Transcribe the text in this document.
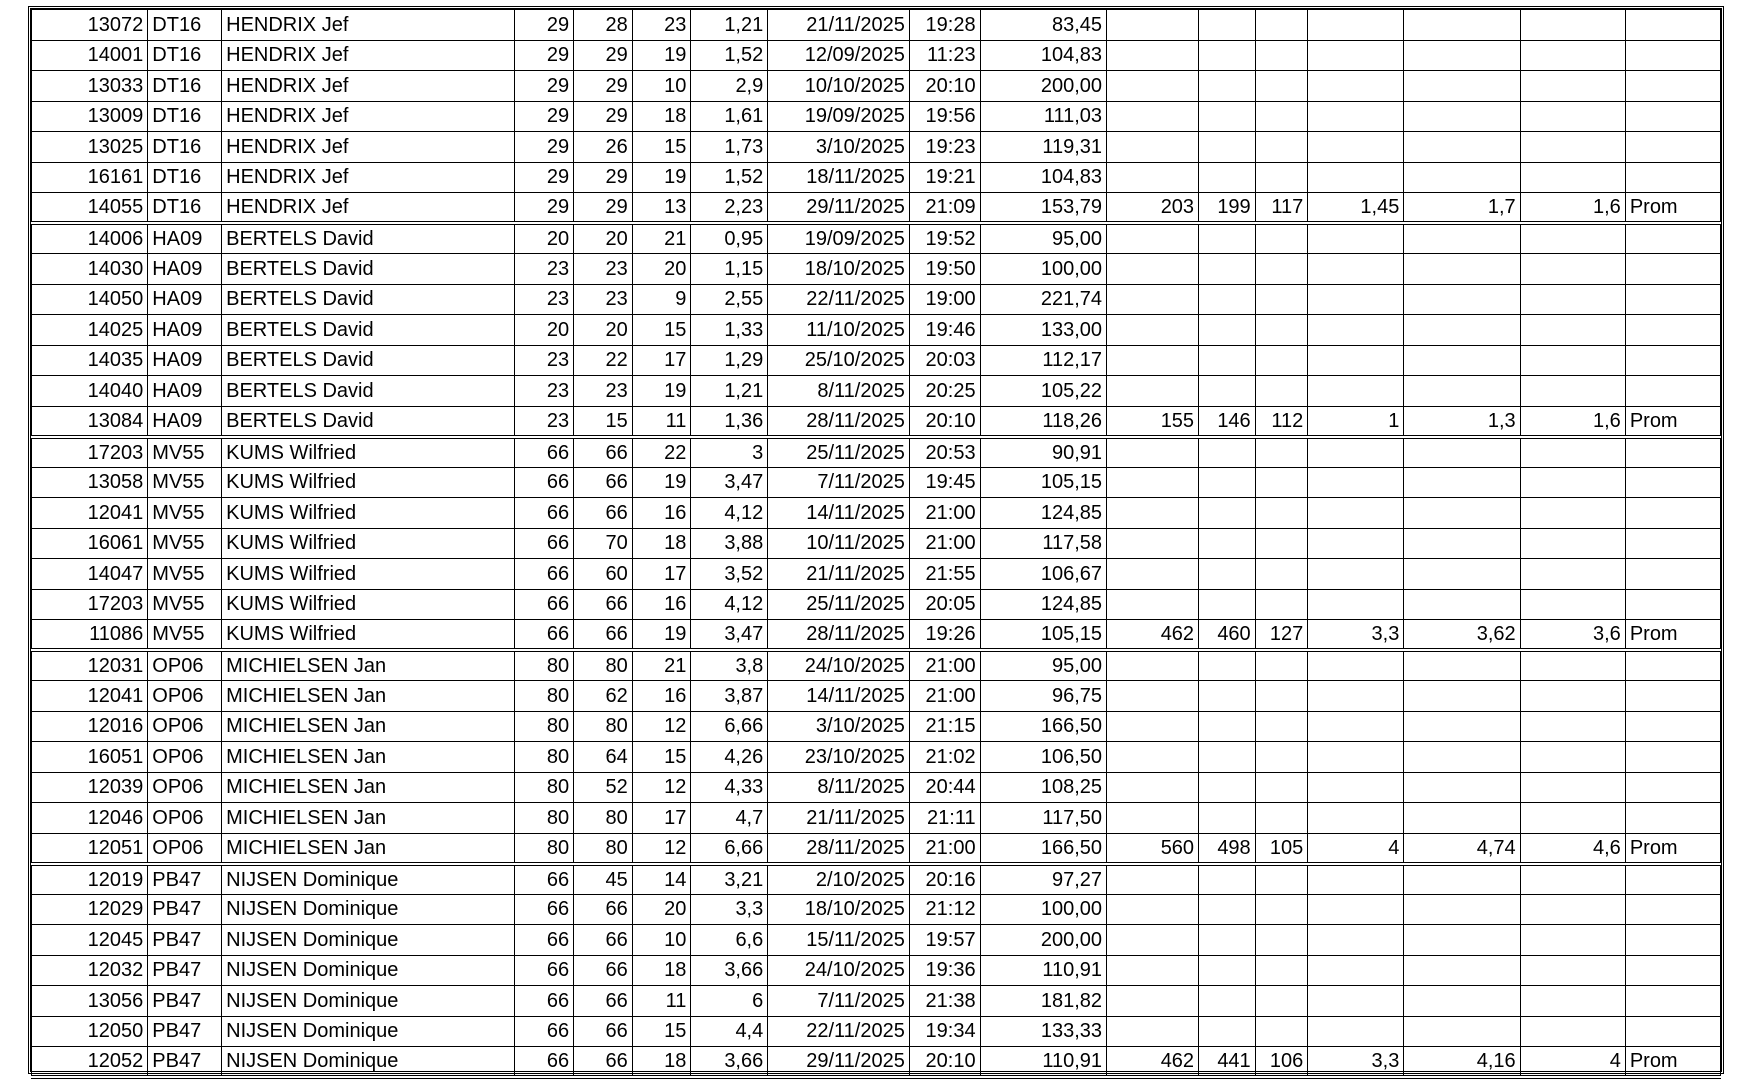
13072	DT16	HENDRIX Jef	29	28	23	1,21	21/11/2025	19:28	83,45							
14001	DT16	HENDRIX Jef	29	29	19	1,52	12/09/2025	11:23	104,83							
13033	DT16	HENDRIX Jef	29	29	10	2,9	10/10/2025	20:10	200,00							
13009	DT16	HENDRIX Jef	29	29	18	1,61	19/09/2025	19:56	111,03							
13025	DT16	HENDRIX Jef	29	26	15	1,73	3/10/2025	19:23	119,31							
16161	DT16	HENDRIX Jef	29	29	19	1,52	18/11/2025	19:21	104,83							
14055	DT16	HENDRIX Jef	29	29	13	2,23	29/11/2025	21:09	153,79	203	199	117	1,45	1,7	1,6	Prom
14006	HA09	BERTELS David	20	20	21	0,95	19/09/2025	19:52	95,00							
14030	HA09	BERTELS David	23	23	20	1,15	18/10/2025	19:50	100,00							
14050	HA09	BERTELS David	23	23	9	2,55	22/11/2025	19:00	221,74							
14025	HA09	BERTELS David	20	20	15	1,33	11/10/2025	19:46	133,00							
14035	HA09	BERTELS David	23	22	17	1,29	25/10/2025	20:03	112,17							
14040	HA09	BERTELS David	23	23	19	1,21	8/11/2025	20:25	105,22							
13084	HA09	BERTELS David	23	15	11	1,36	28/11/2025	20:10	118,26	155	146	112	1	1,3	1,6	Prom
17203	MV55	KUMS Wilfried	66	66	22	3	25/11/2025	20:53	90,91							
13058	MV55	KUMS Wilfried	66	66	19	3,47	7/11/2025	19:45	105,15							
12041	MV55	KUMS Wilfried	66	66	16	4,12	14/11/2025	21:00	124,85							
16061	MV55	KUMS Wilfried	66	70	18	3,88	10/11/2025	21:00	117,58							
14047	MV55	KUMS Wilfried	66	60	17	3,52	21/11/2025	21:55	106,67							
17203	MV55	KUMS Wilfried	66	66	16	4,12	25/11/2025	20:05	124,85							
11086	MV55	KUMS Wilfried	66	66	19	3,47	28/11/2025	19:26	105,15	462	460	127	3,3	3,62	3,6	Prom
12031	OP06	MICHIELSEN Jan	80	80	21	3,8	24/10/2025	21:00	95,00							
12041	OP06	MICHIELSEN Jan	80	62	16	3,87	14/11/2025	21:00	96,75							
12016	OP06	MICHIELSEN Jan	80	80	12	6,66	3/10/2025	21:15	166,50							
16051	OP06	MICHIELSEN Jan	80	64	15	4,26	23/10/2025	21:02	106,50							
12039	OP06	MICHIELSEN Jan	80	52	12	4,33	8/11/2025	20:44	108,25							
12046	OP06	MICHIELSEN Jan	80	80	17	4,7	21/11/2025	21:11	117,50							
12051	OP06	MICHIELSEN Jan	80	80	12	6,66	28/11/2025	21:00	166,50	560	498	105	4	4,74	4,6	Prom
12019	PB47	NIJSEN Dominique	66	45	14	3,21	2/10/2025	20:16	97,27							
12029	PB47	NIJSEN Dominique	66	66	20	3,3	18/10/2025	21:12	100,00							
12045	PB47	NIJSEN Dominique	66	66	10	6,6	15/11/2025	19:57	200,00							
12032	PB47	NIJSEN Dominique	66	66	18	3,66	24/10/2025	19:36	110,91							
13056	PB47	NIJSEN Dominique	66	66	11	6	7/11/2025	21:38	181,82							
12050	PB47	NIJSEN Dominique	66	66	15	4,4	22/11/2025	19:34	133,33							
12052	PB47	NIJSEN Dominique	66	66	18	3,66	29/11/2025	20:10	110,91	462	441	106	3,3	4,16	4	Prom
